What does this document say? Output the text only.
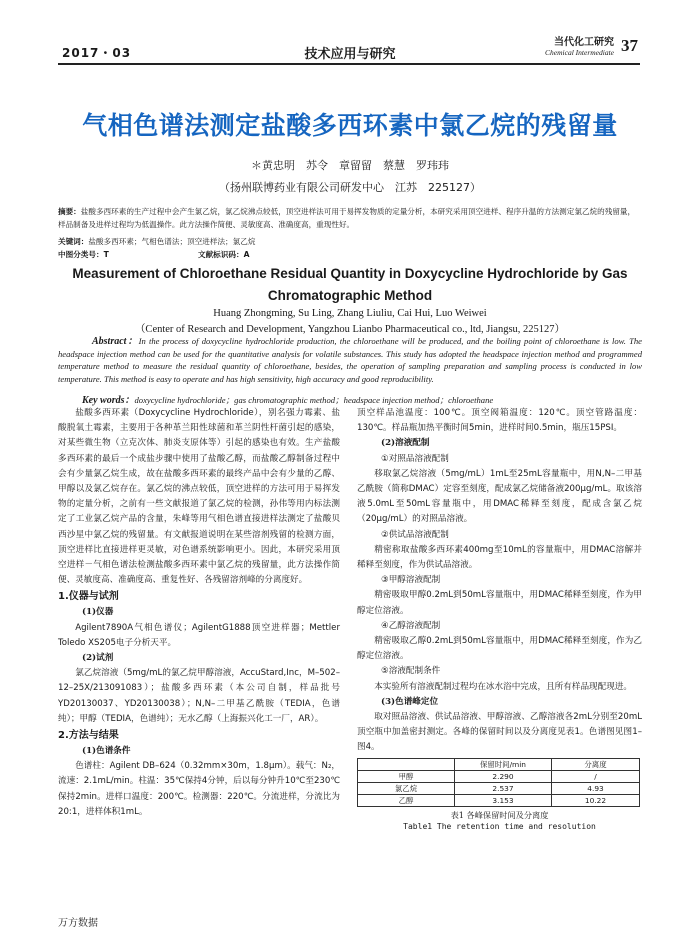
2017・03	技术应用与研究
当代化工研究
Chemical Intermediate 37
气相色谱法测定盐酸多西环素中氯乙烷的残留量
＊黄忠明　苏令　章留留　蔡慧　罗玮玮
（扬州联博药业有限公司研发中心　江苏　225127）
摘要：盐酸多西环素的生产过程中会产生氯乙烷，氯乙烷沸点较低，顶空进样法可用于易挥发物质的定量分析，本研究采用顶空进样、程序升温的方法测定氯乙烷的残留量，样品制备及进样过程均为低温操作。此方法操作简便、灵敏度高、准确度高，重现性好。
关键词：盐酸多西环素；气相色谱法；顶空进样法；氯乙烷
中图分类号：T	文献标识码：A
Measurement of Chloroethane Residual Quantity in Doxycycline Hydrochloride by Gas Chromatographic Method
Huang Zhongming, Su Ling, Zhang Liuliu, Cai Hui, Luo Weiwei
（Center of Research and Development, Yangzhou Lianbo Pharmaceutical co., ltd, Jiangsu, 225127）
Abstract：In the process of doxycycline hydrochloride production, the chloroethane will be produced, and the boiling point of chloroethane is low. The headspace injection method can be used for the quantitative analysis for volatile substances. This study has adopted the headspace injection method and programmed temperature method to measure the residual quantity of chloroethane, besides, the operation of sampling preparation and sampling process is conducted in low temperature. This method is easy to operate and has high sensitivity, high accuracy and good reproducibility.
Key words：doxycycline hydrochloride；gas chromatographic method；headspace injection method；chloroethane

盐酸多西环素（Doxycycline Hydrochloride），别名强力霉素、盐酸脱氧土霉素，主要用于各种革兰阳性球菌和革兰阴性杆菌引起的感染，对某些微生物（立克次体、肺炎支原体等）引起的感染也有效。生产盐酸多西环素的最后一个成盐步骤中使用了盐酸乙醇，而盐酸乙醇制备过程中会有少量氯乙烷生成，故在盐酸多西环素的最终产品中会有少量的乙醇、甲醇以及氯乙烷存在。氯乙烷的沸点较低，顶空进样的方法可用于易挥发物的定量分析，之前有一些文献报道了氯乙烷的检测，孙伟等用内标法测定了工业氯乙烷产品的含量，朱峰等用气相色谱直接进样法测定了盐酸贝西沙星中氯乙烷的残留量。有文献报道说明在某些溶剂残留的检测方面，顶空进样比直接进样更灵敏，对色谱系统影响更小。因此，本研究采用顶空进样－气相色谱法检测盐酸多西环素中氯乙烷的残留量，此方法操作简便、灵敏度高、准确度高、重复性好、各残留溶剂峰的分离度好。

1.仪器与试剂
(1)仪器

Agilent7890A气相色谱仪；AgilentG1888顶空进样器；Mettler Toledo XS205电子分析天平。

(2)试剂

氯乙烷溶液（5mg/mL的氯乙烷甲醇溶液，AccuStard,Inc，M–502–12–25X/213091083）；盐酸多西环素（本公司自制，样品批号YD20130037、YD20130038）；N,N–二甲基乙酰胺（TEDIA，色谱纯）；甲醇（TEDIA，色谱纯）；无水乙醇（上海振兴化工一厂，AR）。

2.方法与结果
(1)色谱条件

色谱柱：Agilent DB–624（0.32mm×30m，1.8μm）。载气：N₂，流速：2.1mL/min。柱温：35℃保持4分钟，后以每分钟升10℃至230℃保持2min。进样口温度：200℃。检测器：220℃。分流进样，分流比为20:1，进样体积1mL。

顶空样品池温度：100℃。顶空阀箱温度：120℃。顶空管路温度：130℃。样品瓶加热平衡时间5min，进样时间0.5min，瓶压15PSI。

(2)溶液配制

①对照品溶液配制

移取氯乙烷溶液（5mg/mL）1mL至25mL容量瓶中，用N,N–二甲基乙酰胺（简称DMAC）定容至刻度，配成氯乙烷储备液200μg/mL。取该溶液5.0mL至50mL容量瓶中，用DMAC稀释至刻度，配成含氯乙烷（20μg/mL）的对照品溶液。

②供试品溶液配制

精密称取盐酸多西环素400mg至10mL的容量瓶中，用DMAC溶解并稀释至刻度，作为供试品溶液。

③甲醇溶液配制

精密吸取甲醇0.2mL到50mL容量瓶中，用DMAC稀释至刻度，作为甲醇定位溶液。

④乙醇溶液配制

精密吸取乙醇0.2mL到50mL容量瓶中，用DMAC稀释至刻度，作为乙醇定位溶液。

⑤溶液配制条件

本实验所有溶液配制过程均在冰水浴中完成，且所有样品现配现进。

(3)色谱峰定位

取对照品溶液、供试品溶液、甲醇溶液、乙醇溶液各2mL分别至20mL顶空瓶中加盖密封测定。各峰的保留时间以及分离度见表1。色谱图见图1–图4。

	保留时间/min	分离度
甲醇	2.290	/
氯乙烷	2.537	4.93
乙醇	3.153	10.22
表1 各峰保留时间及分离度
Table1 The retention time and resolution
万方数据
